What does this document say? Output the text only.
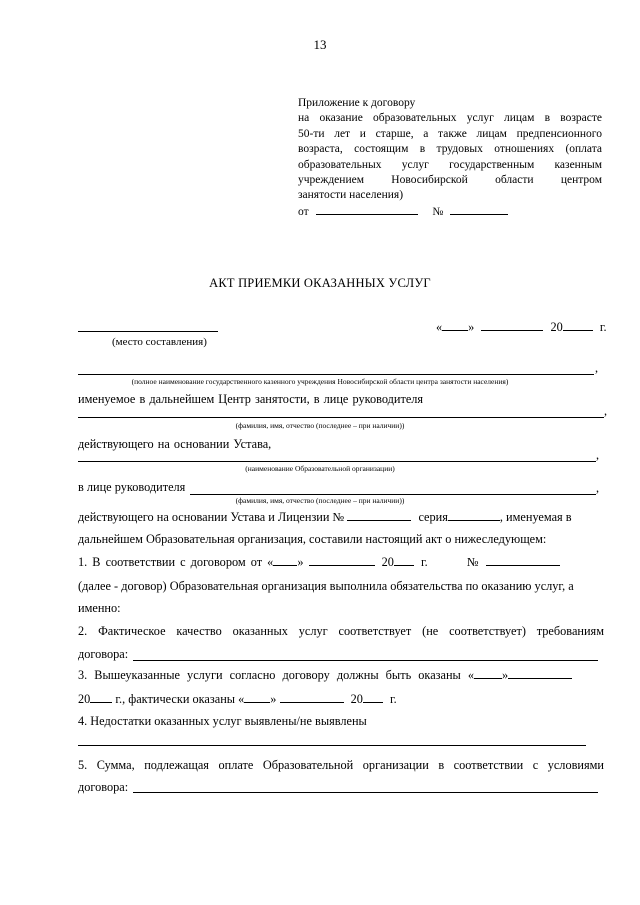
13
Приложение к договору
на оказание образовательных услуг лицам в возрасте
50-ти лет и старше, а также лицам предпенсионного
возраста, состоящим в трудовых отношениях (оплата
образовательных услуг государственным казенным
учреждением Новосибирской области центром
занятости населения)
от	№
АКТ ПРИЕМКИ ОКАЗАННЫХ УСЛУГ
(место составления)
« »	20	г.
,
(полное наименование государственного казенного учреждения Новосибирской области центра занятости населения)
именуемое в дальнейшем Центр занятости, в лице руководителя
,
(фамилия, имя, отчество (последнее – при наличии))
действующего на основании Устава,
,
(наименование Образовательной организации)
в лице руководителя	,
(фамилия, имя, отчество (последнее – при наличии))
действующего на основании Устава и Лицензии №	серия	, именуемая в
дальнейшем Образовательная организация, составили настоящий акт о нижеследующем:
1. В соответствии с договором от « »	20 г.	№
(далее - договор) Образовательная организация выполнила обязательства по оказанию услуг, а
именно:
2. Фактическое качество оказанных услуг соответствует (не соответствует) требованиям
договора:
3. Вышеуказанные услуги согласно договору должны быть оказаны « »
20 г., фактически оказаны « »	20 г.
4. Недостатки оказанных услуг выявлены/не выявлены
5. Сумма, подлежащая оплате Образовательной организации в соответствии с условиями
договора:
